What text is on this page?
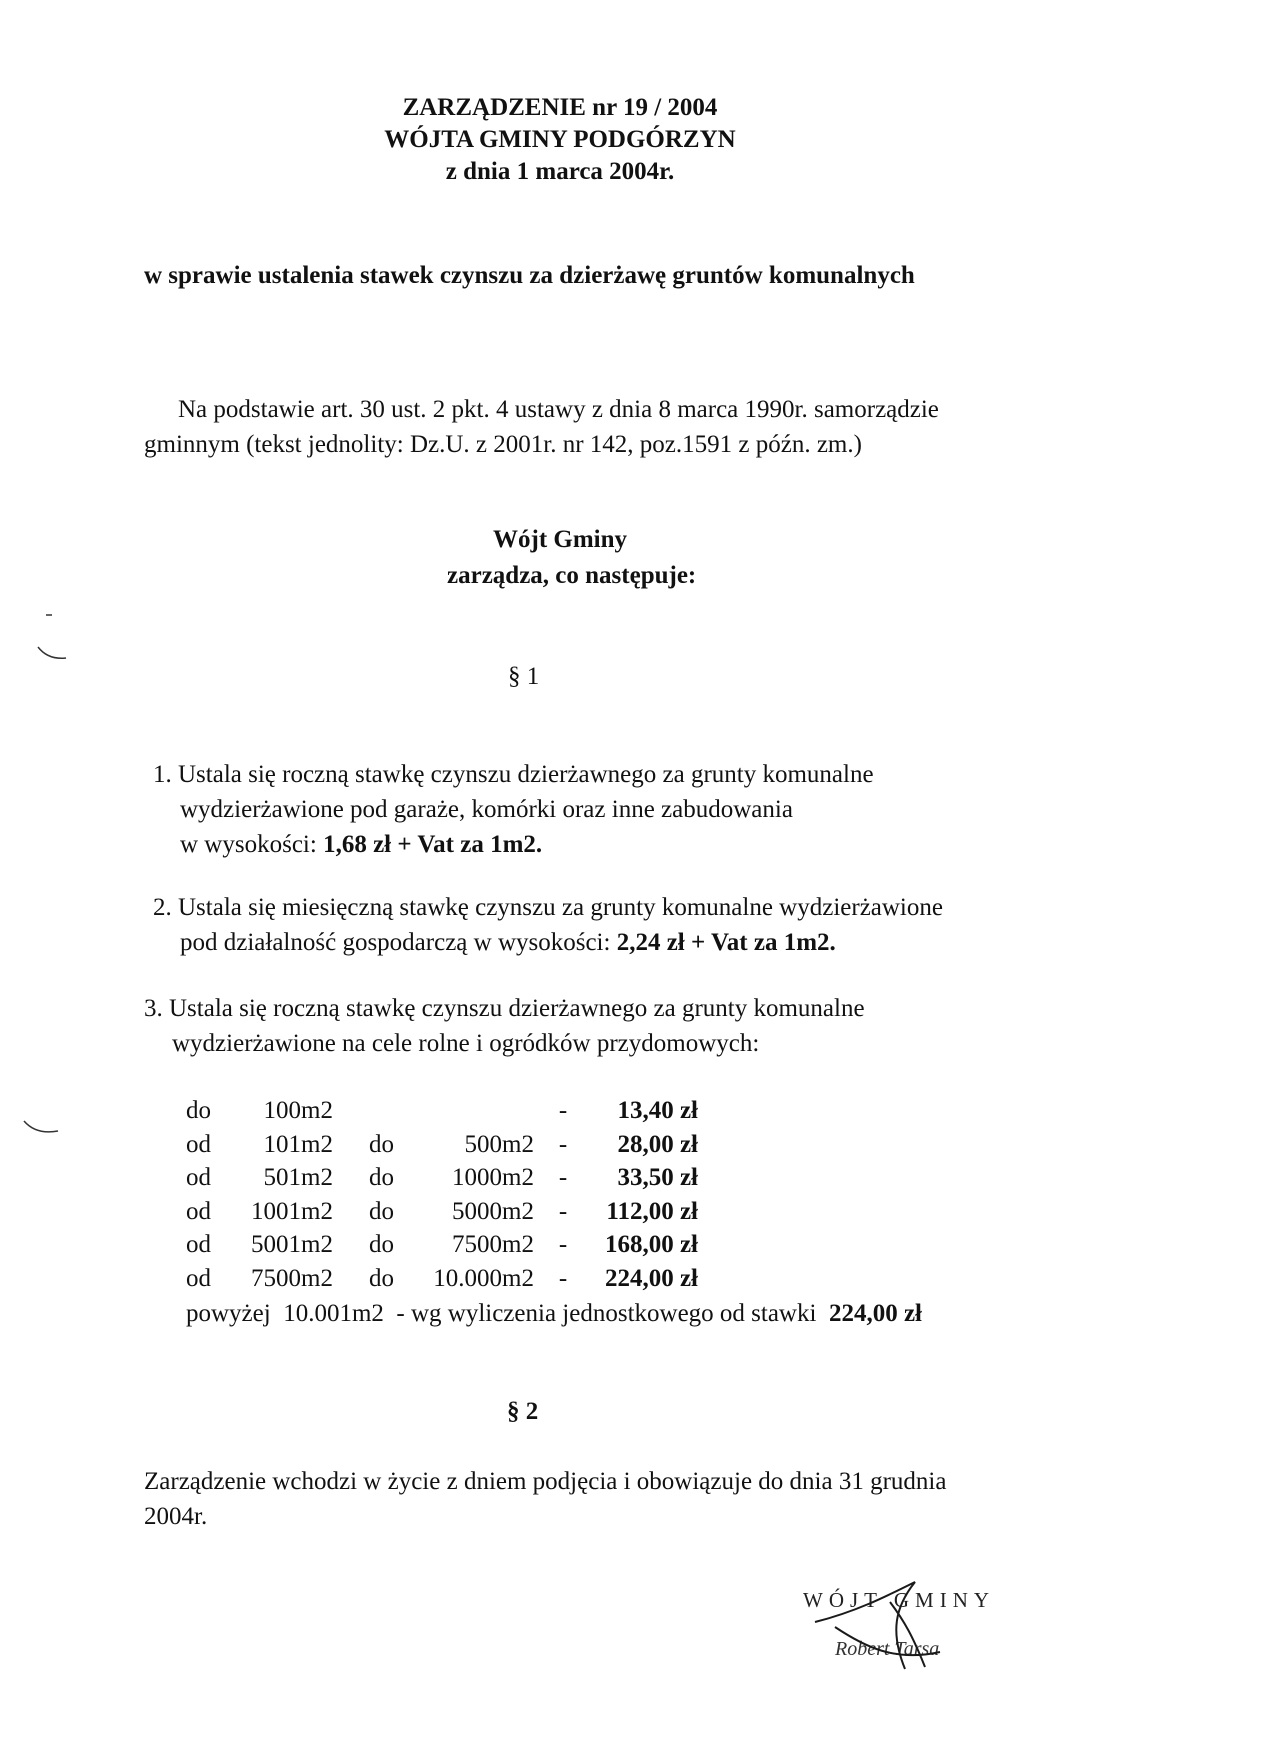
ZARZĄDZENIE nr 19 / 2004
WÓJTA GMINY PODGÓRZYN
z dnia 1 marca 2004r.
w sprawie ustalenia stawek czynszu za dzierżawę gruntów komunalnych
Na podstawie art. 30 ust. 2 pkt. 4 ustawy z dnia 8 marca 1990r. samorządzie
gminnym (tekst jednolity: Dz.U. z 2001r. nr 142, poz.1591 z późn. zm.)
Wójt Gminy
zarządza, co następuje:
§ 1
1. Ustala się roczną stawkę czynszu dzierżawnego za grunty komunalne
wydzierżawione pod garaże, komórki oraz inne zabudowania
w wysokości: 1,68 zł + Vat za 1m2.
2. Ustala się miesięczną stawkę czynszu za grunty komunalne wydzierżawione
pod działalność gospodarczą w wysokości: 2,24 zł + Vat za 1m2.
3. Ustala się roczną stawkę czynszu dzierżawnego za grunty komunalne
wydzierżawione na cele rolne i ogródków przydomowych:
do	100m2			-	13,40 zł
od	101m2	do	500m2	-	28,00 zł
od	501m2	do	1000m2	-	33,50 zł
od	1001m2	do	5000m2	-	112,00 zł
od	5001m2	do	7500m2	-	168,00 zł
od	7500m2	do	10.000m2	-	224,00 zł
powyżej  10.001m2  - wg wyliczenia jednostkowego od stawki  224,00 zł
§ 2
Zarządzenie wchodzi w życie z dniem podjęcia i obowiązuje do dnia 31 grudnia
2004r.
WÓJT GMINY
Robert Tarsa
